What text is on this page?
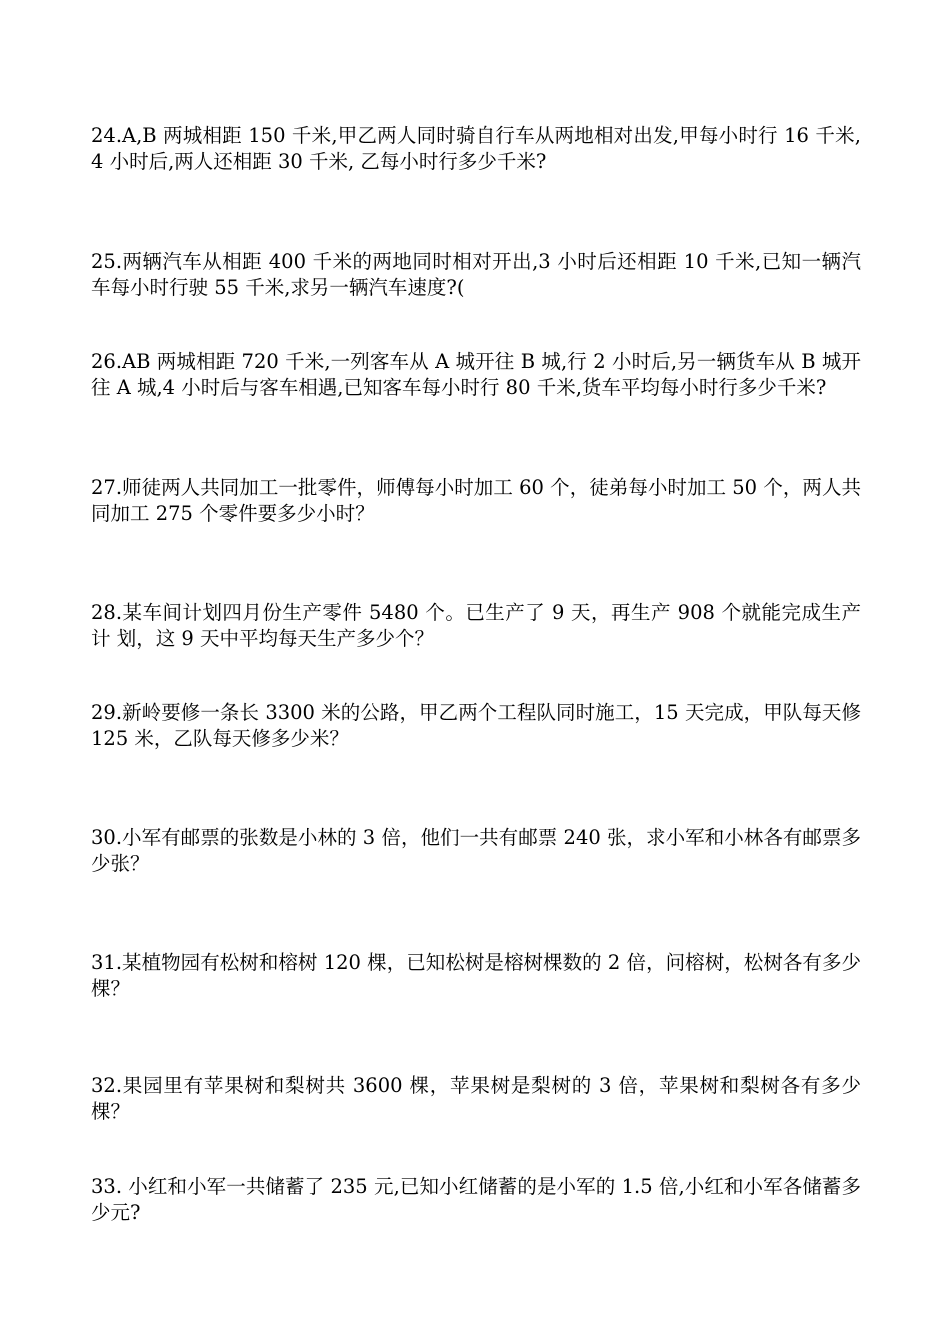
24.A,B 两城相距 150 千米,甲乙两人同时骑自行车从两地相对出发,甲每小时行 16 千米,4 小时后,两人还相距 30 千米, 乙每小时行多少千米?

25.两辆汽车从相距 400 千米的两地同时相对开出,3 小时后还相距 10 千米,已知一辆汽车每小时行驶 55 千米,求另一辆汽车速度?(

26.AB 两城相距 720 千米,一列客车从 A 城开往 B 城,行 2 小时后,另一辆货车从 B 城开往 A 城,4 小时后与客车相遇,已知客车每小时行 80 千米,货车平均每小时行多少千米?

27.师徒两人共同加工一批零件，师傅每小时加工 60 个，徒弟每小时加工 50 个，两人共同加工 275 个零件要多少小时？

28.某车间计划四月份生产零件 5480 个。已生产了 9 天，再生产 908 个就能完成生产计 划，这 9 天中平均每天生产多少个？

29.新岭要修一条长 3300 米的公路，甲乙两个工程队同时施工，15 天完成，甲队每天修 125 米，乙队每天修多少米？

30.小军有邮票的张数是小林的 3 倍，他们一共有邮票 240 张，求小军和小林各有邮票多少张？

31.某植物园有松树和榕树 120 棵，已知松树是榕树棵数的 2 倍，问榕树，松树各有多少棵？

32.果园里有苹果树和梨树共 3600 棵，苹果树是梨树的 3 倍，苹果树和梨树各有多少棵？

33. 小红和小军一共储蓄了 235 元,已知小红储蓄的是小军的 1.5 倍,小红和小军各储蓄多少元?
